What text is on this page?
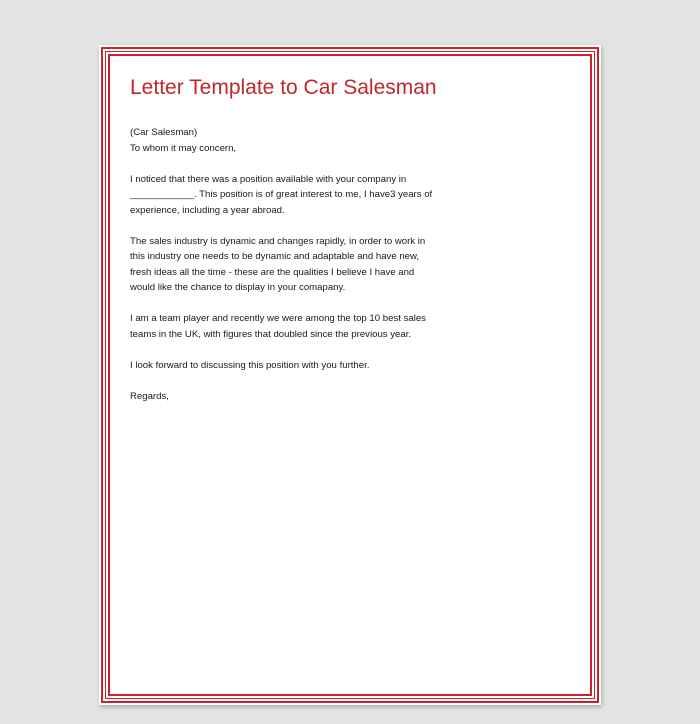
Letter Template to Car Salesman

(Car Salesman)

To whom it may concern,

I noticed that there was a position available with your company in

____________. This position is of great interest to me, I have3 years of

experience, including a year abroad.

The sales industry is dynamic and changes rapidly, in order to work in

this industry one needs to be dynamic and adaptable and have new,

fresh ideas all the time - these are the qualities I believe I have and

would like the chance to display in your comapany.

I am a team player and recently we were among the top 10 best sales

teams in the UK, with figures that doubled since the previous year.

I look forward to discussing this position with you further.

Regards,
